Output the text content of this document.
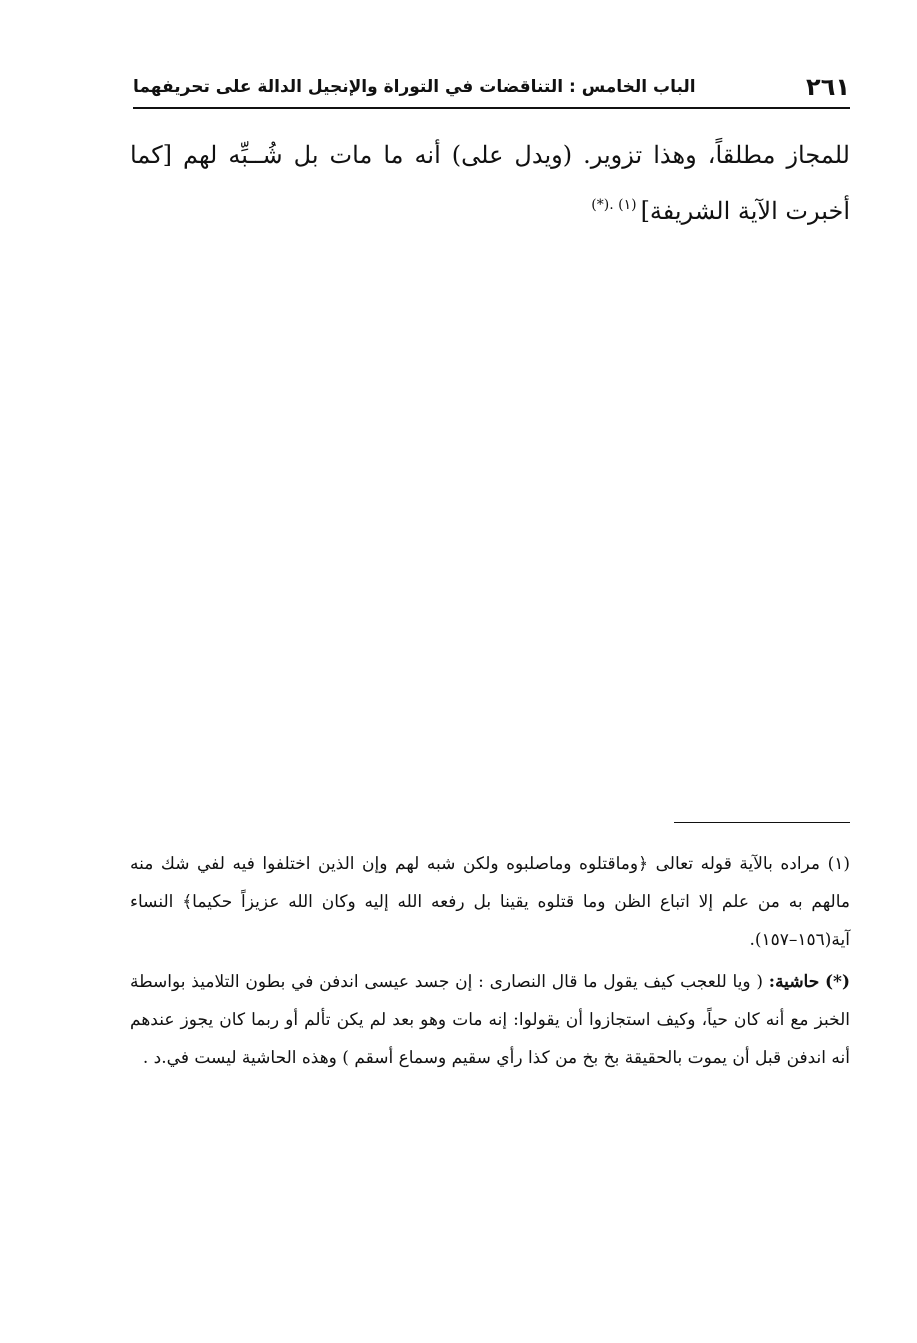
٢٦١
الباب الخامس : التناقضات في التوراة والإنجيل الدالة على تحريفهما

للمجاز مطلقاً، وهذا تزوير. (ويدل على) أنه ما مات بل شُــبِّه لهم [كما أخبرت الآية الشريفة]$^{(١) .(*)}$

(١) مراده بالآية قوله تعالى ﴿وماقتلوه وماصلبوه ولكن شبه لهم وإن الذين اختلفوا فيه لفي شك منه مالهم به من علم إلا اتباع الظن وما قتلوه يقينا بل رفعه الله إليه وكان الله عزيزاً حكيما﴾ النساء آية(١٥٦–١٥٧).

(*) حاشية: ( ويا للعجب كيف يقول ما قال النصارى : إن جسد عيسى اندفن في بطون التلاميذ بواسطة الخبز مع أنه كان حياً، وكيف استجازوا أن يقولوا: إنه مات وهو بعد لم يكن تألم أو ربما كان يجوز عندهم أنه اندفن قبل أن يموت بالحقيقة بخ بخ من كذا رأي سقيم وسماع أسقم ) وهذه الحاشية ليست في.د .
